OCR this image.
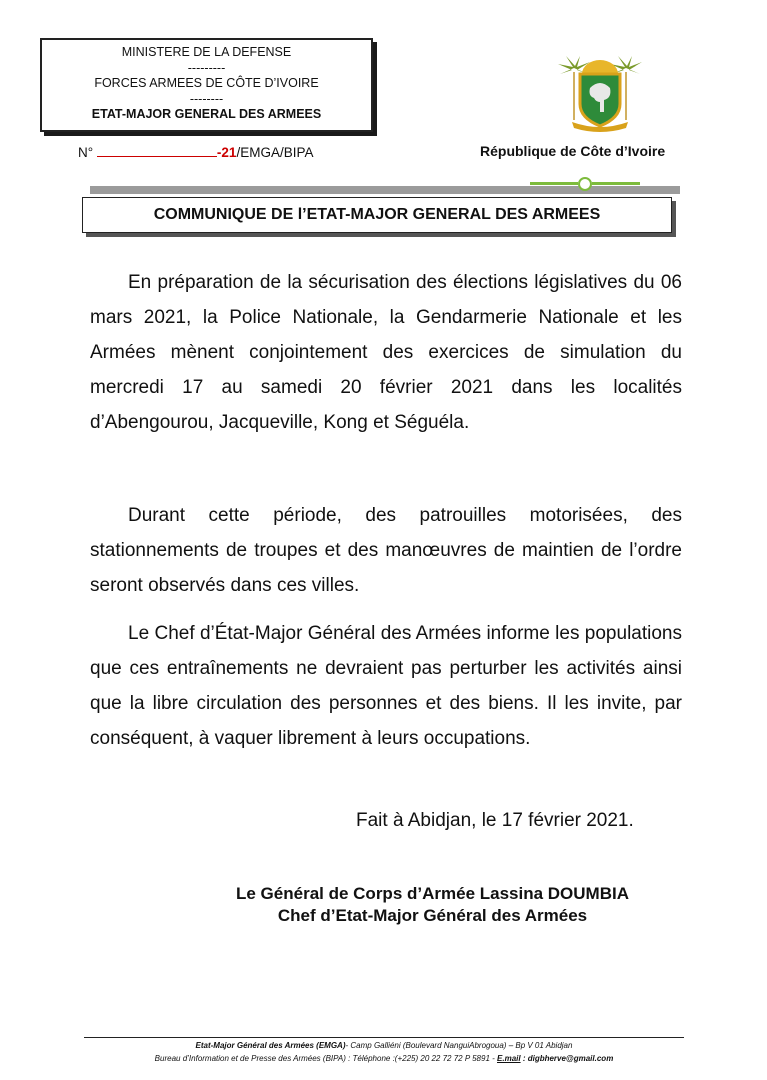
MINISTERE DE LA DEFENSE
---------
FORCES ARMEES DE CÔTE D’IVOIRE
--------
ETAT-MAJOR GENERAL DES ARMEES
N°	-21/EMGA/BIPA	République de Côte d’Ivoire
COMMUNIQUE DE l’ETAT-MAJOR GENERAL DES ARMEES

En préparation de la sécurisation des élections législatives du 06 mars 2021, la Police Nationale, la Gendarmerie Nationale et les Armées mènent conjointement des exercices de simulation du mercredi 17 au samedi 20 février 2021 dans les localités d’Abengourou, Jacqueville, Kong et Séguéla.

Durant cette période, des patrouilles motorisées, des stationnements de troupes et des manœuvres de maintien de l’ordre seront observés dans ces villes.

Le Chef d’État-Major Général des Armées informe les populations que ces entraînements ne devraient pas perturber les activités ainsi que la libre circulation des personnes et des biens. Il les invite, par conséquent, à vaquer librement à leurs occupations.

Fait à Abidjan, le 17 février 2021.
Le Général de Corps d’Armée Lassina DOUMBIA
Chef d’Etat-Major Général des Armées
Etat-Major Général des Armées (EMGA)- Camp Galliéni (Boulevard NanguiAbrogoua) – Bp V 01 Abidjan
Bureau d’Information et de Presse des Armées (BIPA) : Téléphone :(+225) 20 22 72 72 P 5891 - E.mail : digbherve@gmail.com
